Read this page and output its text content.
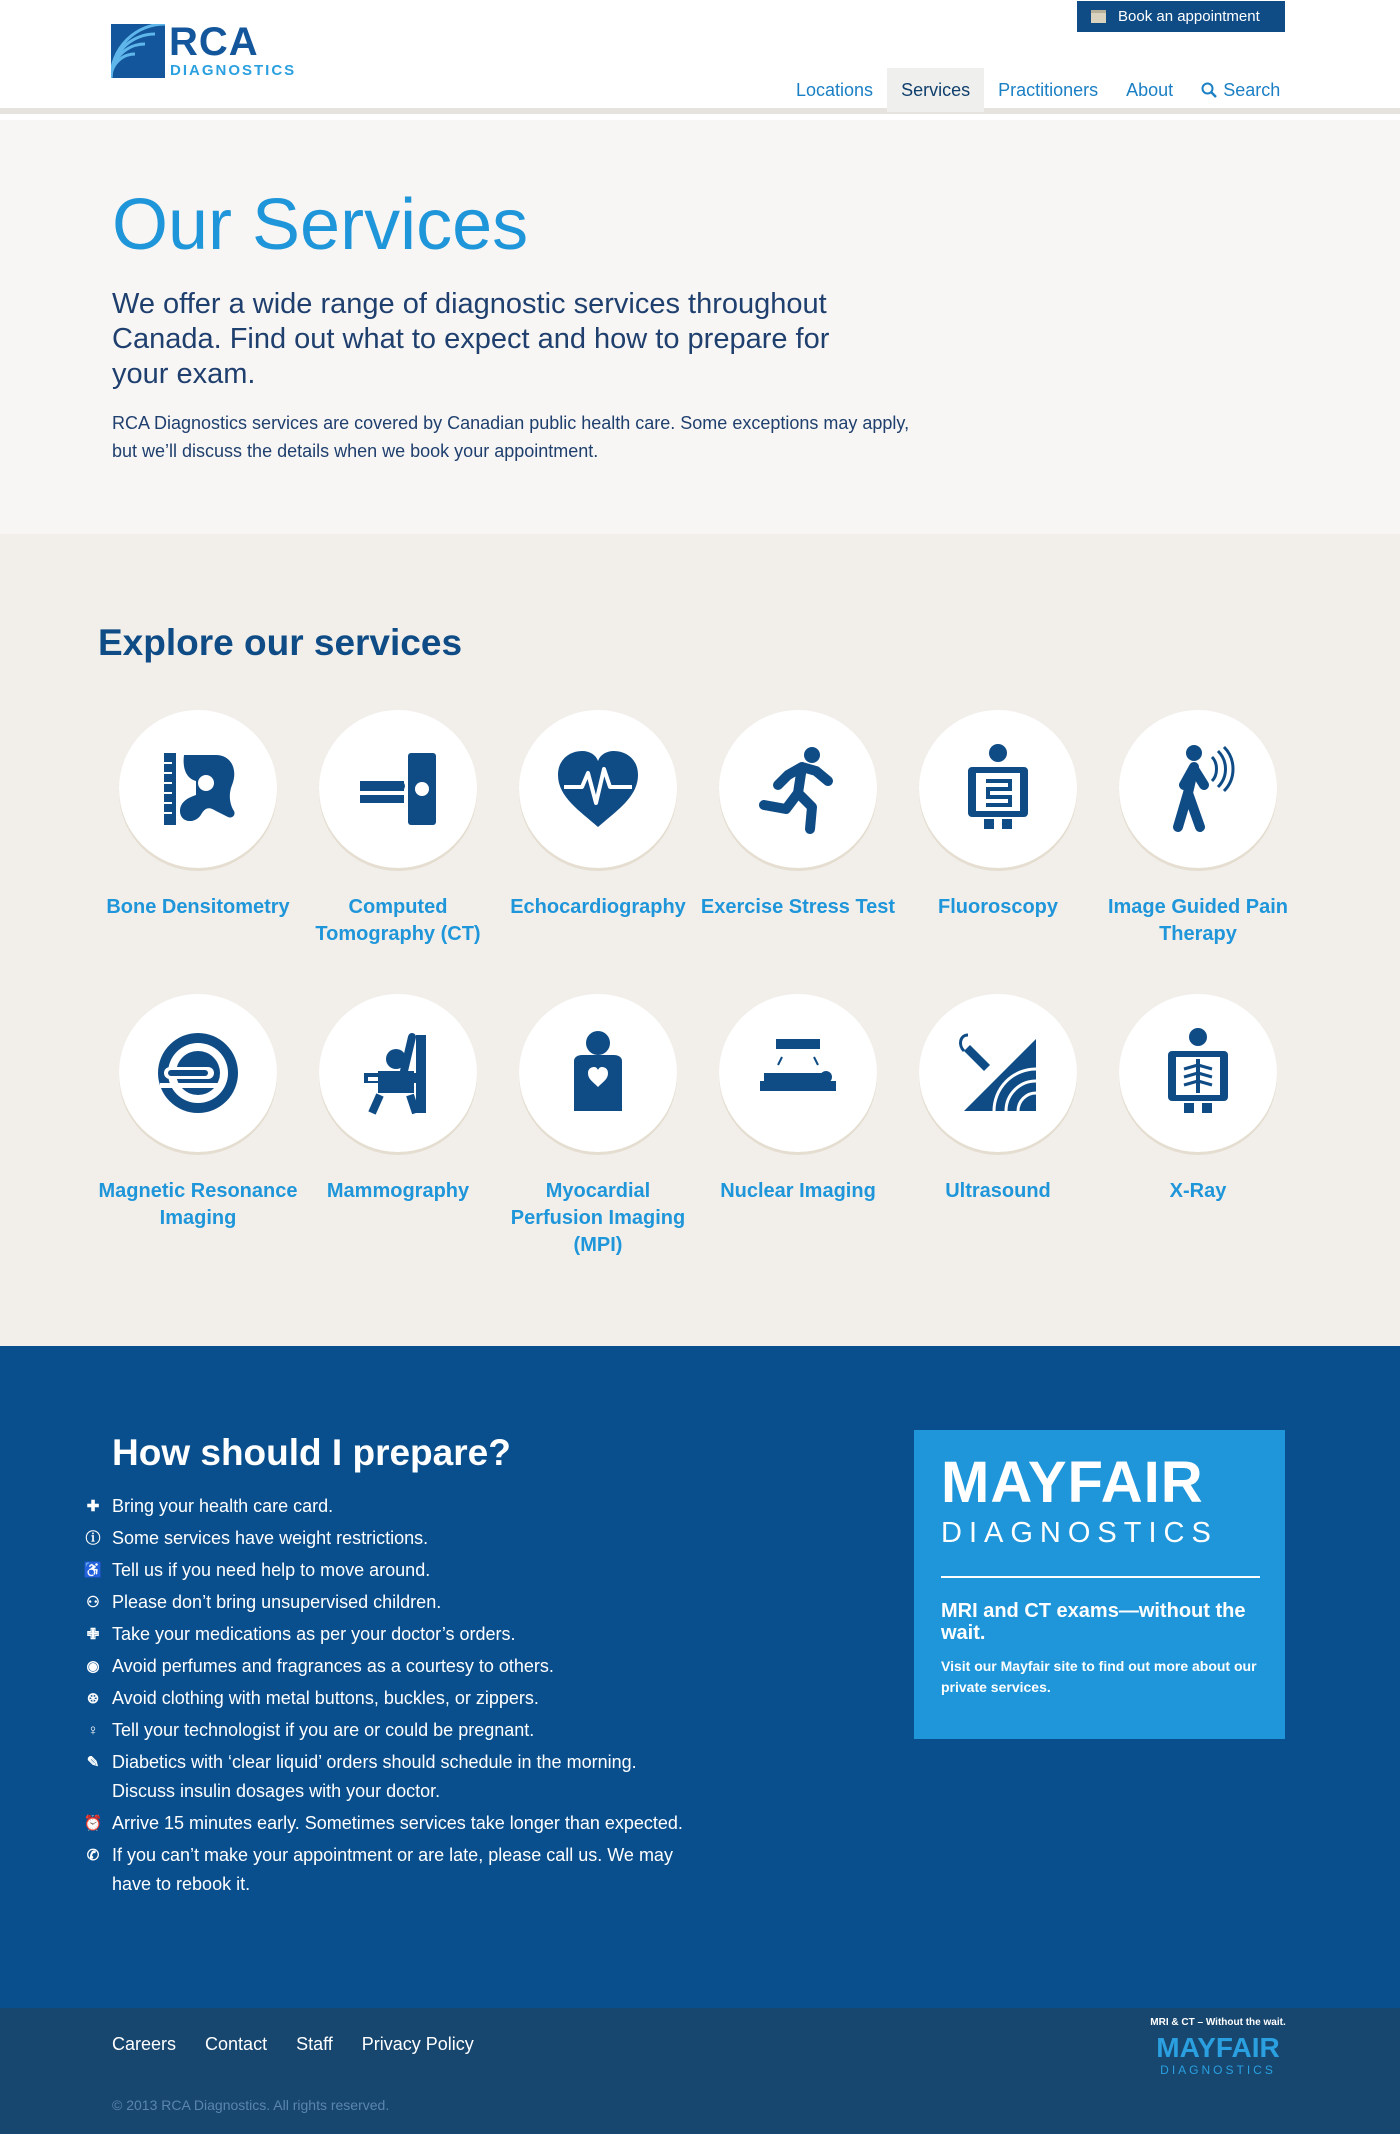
RCA
DIAGNOSTICS
Book an appointment
Locations Services Practitioners About	Search
Our Services

We offer a wide range of diagnostic services throughout Canada. Find out what to expect and how to prepare for your exam.

RCA Diagnostics services are covered by Canadian public health care. Some exceptions may apply, but we’ll discuss the details when we book your appointment.

Explore our services
Bone Densitometry	Computed Tomography (CT)
Echocardiography Exercise Stress Test	Fluoroscopy	Image Guided Pain Therapy
Magnetic Resonance Imaging
Mammography	Myocardial Perfusion Imaging (MPI)
Nuclear Imaging	Ultrasound	X-Ray
How should I prepare?
✚ Bring your health care card.
ⓘ Some services have weight restrictions.
♿ Tell us if you need help to move around.
⚇ Please don’t bring unsupervised children.
✙ Take your medications as per your doctor’s orders.
◉ Avoid perfumes and fragrances as a courtesy to others.
⊛ Avoid clothing with metal buttons, buckles, or zippers.
♀ Tell your technologist if you are or could be pregnant.
✎ Diabetics with ‘clear liquid’ orders should schedule in the morning. Discuss insulin dosages with your doctor.
⏰ Arrive 15 minutes early. Sometimes services take longer than expected.
✆ If you can’t make your appointment or are late, please call us. We may have to rebook it.
MAYFAIR
DIAGNOSTICS
MRI and CT exams—without the wait.
Visit our Mayfair site to find out more about our private services.
Careers Contact Staff Privacy Policy
© 2013 RCA Diagnostics. All rights reserved.
MRI & CT – Without the wait.
MAYFAIR
DIAGNOSTICS
